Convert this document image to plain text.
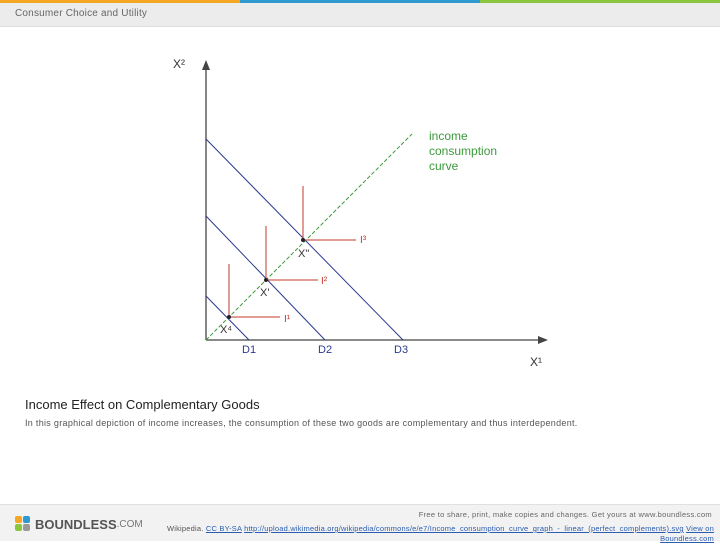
Consumer Choice and Utility
X²
X¹
D1	D2	D3
income consumption curve
I¹
I²
I³
X⁴
X'
X"
Income Effect on Complementary Goods
In this graphical depiction of income increases, the consumption of these two goods are complementary and thus interdependent.
BOUNDLESS .COM
Free to share, print, make copies and changes. Get yours at www.boundless.com
Wikipedia. CC BY-SA http://upload.wikimedia.org/wikipedia/commons/e/e7/Income_consumption_curve_graph_-_linear_(perfect_complements).svg View on Boundless.com
